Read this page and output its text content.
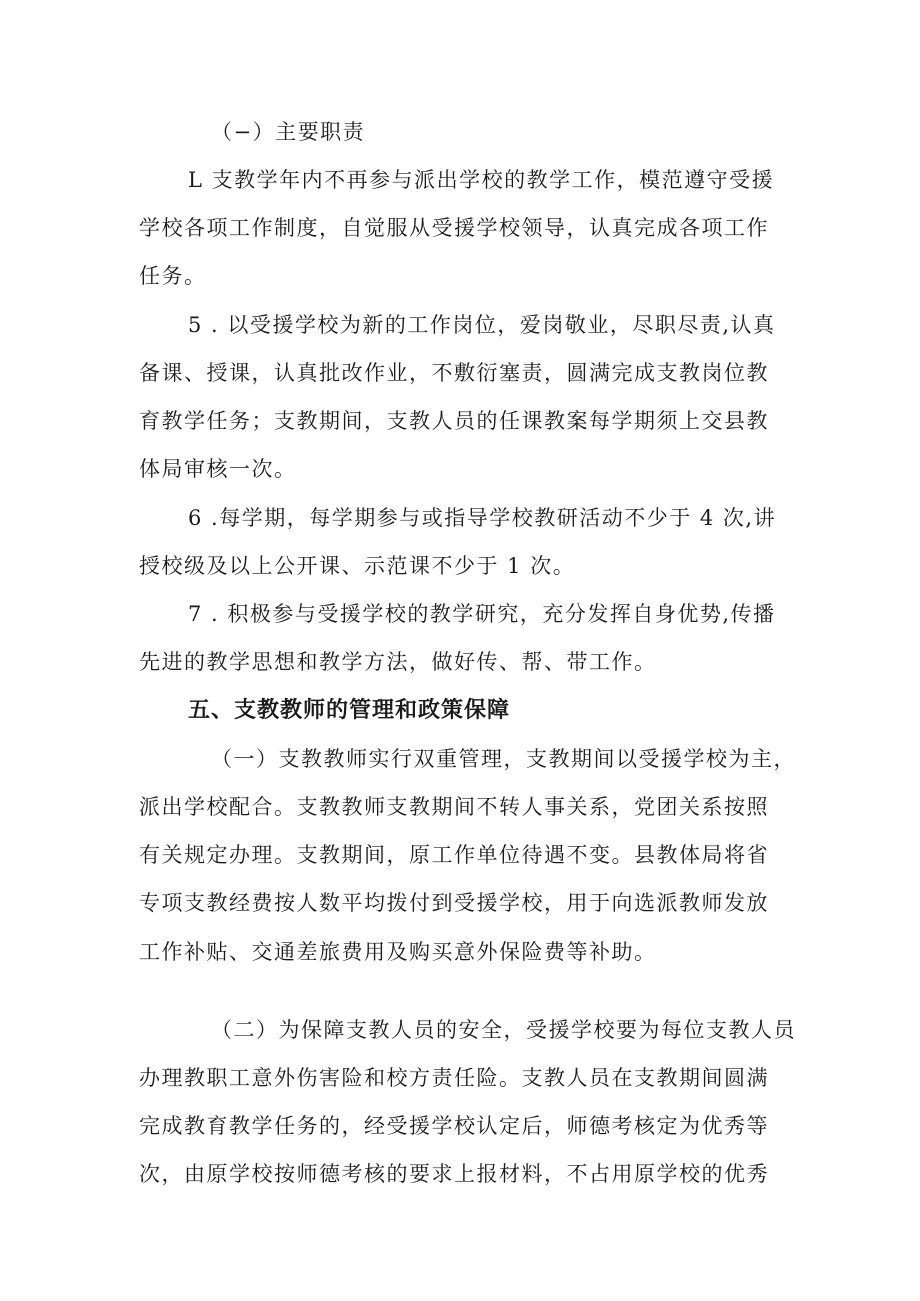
（−）主要职责
L 支教学年内不再参与派出学校的教学工作，模范遵守受援
学校各项工作制度，自觉服从受援学校领导，认真完成各项工作
任务。
5 . 以受援学校为新的工作岗位，爱岗敬业，尽职尽责,认真
备课、授课，认真批改作业，不敷衍塞责，圆满完成支教岗位教
育教学任务；支教期间，支教人员的任课教案每学期须上交县教
体局审核一次。
6 .每学期，每学期参与或指导学校教研活动不少于 4 次,讲
授校级及以上公开课、示范课不少于 1 次。
7 . 积极参与受援学校的教学研究，充分发挥自身优势,传播
先进的教学思想和教学方法，做好传、帮、带工作。
五、支教教师的管理和政策保障
（一）支教教师实行双重管理，支教期间以受援学校为主，
派出学校配合。支教教师支教期间不转人事关系，党团关系按照
有关规定办理。支教期间，原工作单位待遇不变。县教体局将省
专项支教经费按人数平均拨付到受援学校，用于向选派教师发放
工作补贴、交通差旅费用及购买意外保险费等补助。
（二）为保障支教人员的安全，受援学校要为每位支教人员
办理教职工意外伤害险和校方责任险。支教人员在支教期间圆满
完成教育教学任务的，经受援学校认定后，师德考核定为优秀等
次，由原学校按师德考核的要求上报材料，不占用原学校的优秀
